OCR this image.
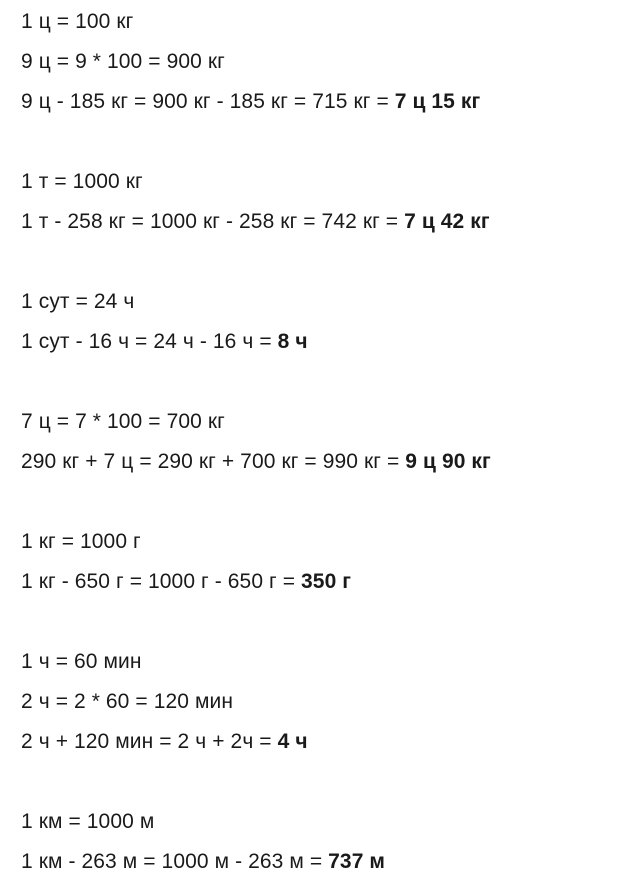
1 ц = 100 кг
9 ц = 9 * 100 = 900 кг
9 ц - 185 кг = 900 кг - 185 кг = 715 кг = 7 ц 15 кг
1 т = 1000 кг
1 т - 258 кг = 1000 кг - 258 кг = 742 кг = 7 ц 42 кг
1 сут = 24 ч
1 сут - 16 ч = 24 ч - 16 ч = 8 ч
7 ц = 7 * 100 = 700 кг
290 кг + 7 ц = 290 кг + 700 кг = 990 кг = 9 ц 90 кг
1 кг = 1000 г
1 кг - 650 г = 1000 г - 650 г = 350 г
1 ч = 60 мин
2 ч = 2 * 60 = 120 мин
2 ч + 120 мин = 2 ч + 2ч = 4 ч
1 км = 1000 м
1 км - 263 м = 1000 м - 263 м = 737 м
